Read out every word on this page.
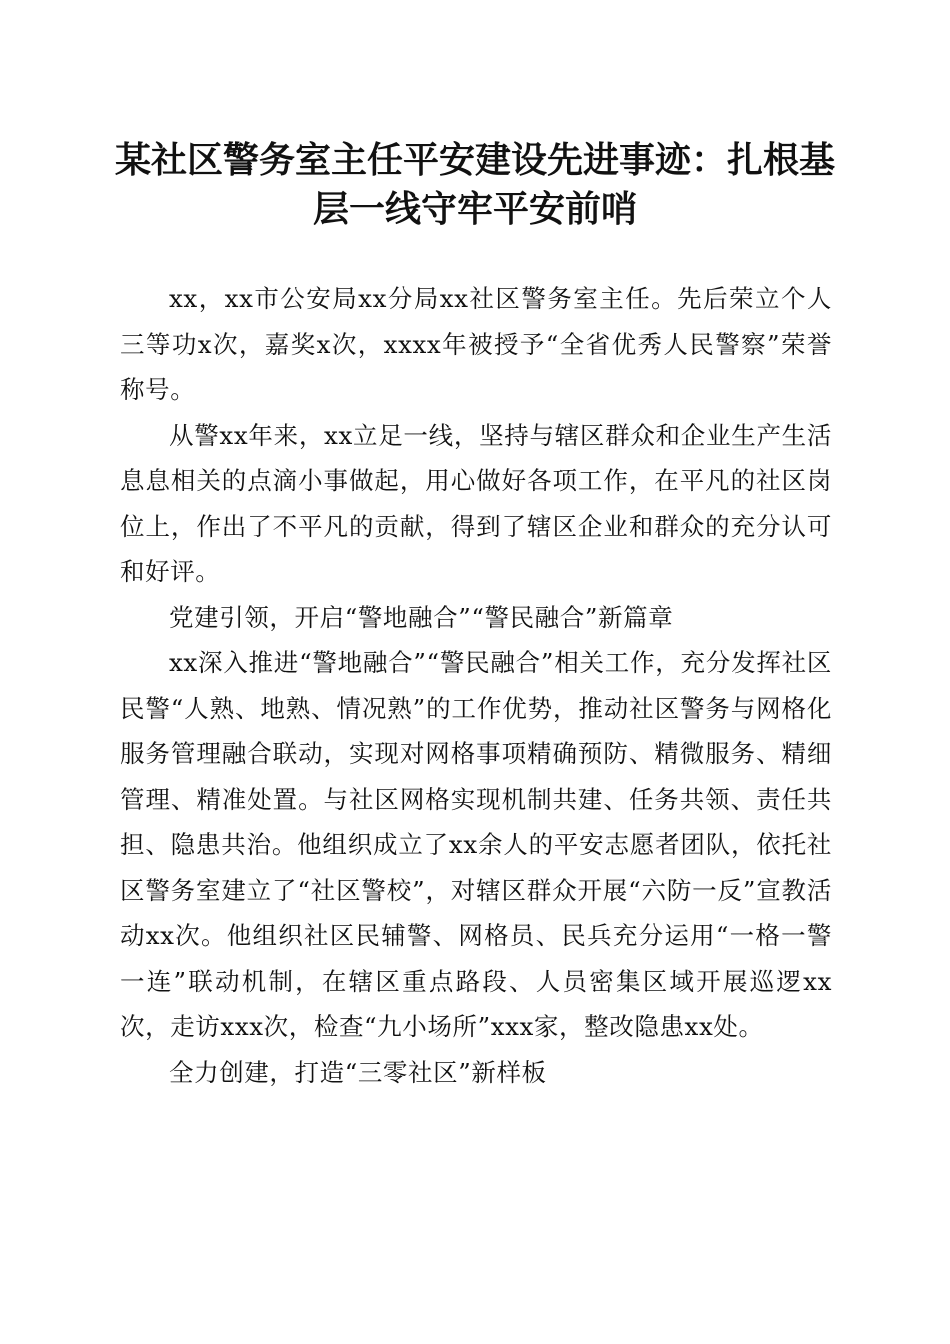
某社区警务室主任平安建设先进事迹：扎根基
层一线守牢平安前哨

xx，xx市公安局xx分局xx社区警务室主任。先后荣立个人三等功x次，嘉奖x次，xxxx年被授予“全省优秀人民警察”荣誉称号。

从警xx年来，xx立足一线，坚持与辖区群众和企业生产生活息息相关的点滴小事做起，用心做好各项工作，在平凡的社区岗位上，作出了不平凡的贡献，得到了辖区企业和群众的充分认可和好评。

党建引领，开启“警地融合”“警民融合”新篇章

xx深入推进“警地融合”“警民融合”相关工作，充分发挥社区民警“人熟、地熟、情况熟”的工作优势，推动社区警务与网格化服务管理融合联动，实现对网格事项精确预防、精微服务、精细管理、精准处置。与社区网格实现机制共建、任务共领、责任共担、隐患共治。他组织成立了xx余人的平安志愿者团队，依托社区警务室建立了“社区警校”，对辖区群众开展“六防一反”宣教活动xx次。他组织社区民辅警、网格员、民兵充分运用“一格一警一连”联动机制，在辖区重点路段、人员密集区域开展巡逻xx次，走访xxx次，检查“九小场所”xxx家，整改隐患xx处。

全力创建，打造“三零社区”新样板
